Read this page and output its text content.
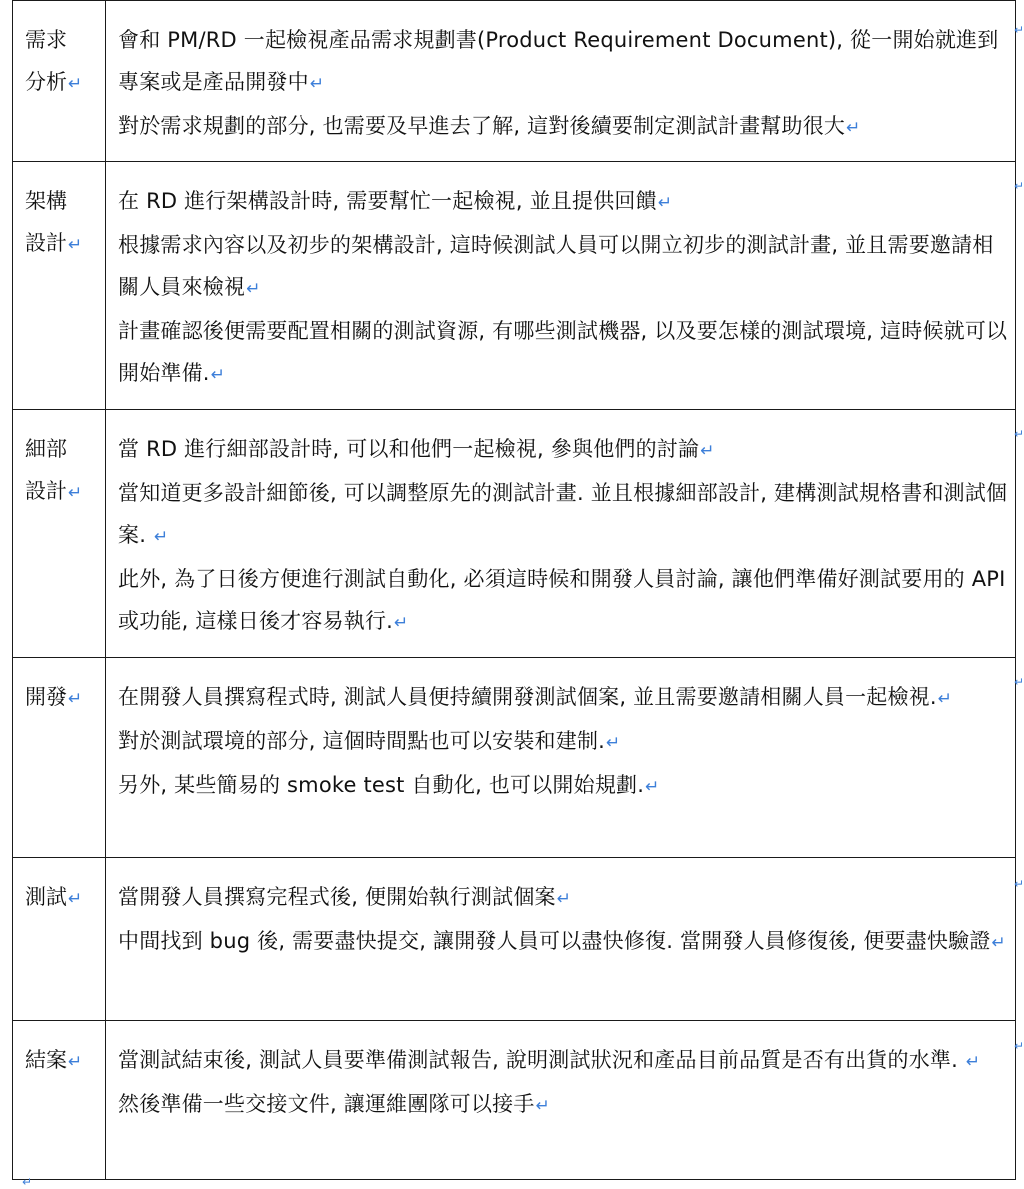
需求
分析↵	會和 PM/RD 一起檢視產品需求規劃書(Product Requirement Document), 從一開始就進到專案或是產品開發中↵
對於需求規劃的部分, 也需要及早進去了解, 這對後續要制定測試計畫幫助很大↵

架構
設計↵	在 RD 進行架構設計時, 需要幫忙一起檢視, 並且提供回饋↵
根據需求內容以及初步的架構設計, 這時候測試人員可以開立初步的測試計畫, 並且需要邀請相關人員來檢視↵
計畫確認後便需要配置相關的測試資源, 有哪些測試機器, 以及要怎樣的測試環境, 這時候就可以開始準備.↵

細部
設計↵	當 RD 進行細部設計時, 可以和他們一起檢視, 參與他們的討論↵
當知道更多設計細節後, 可以調整原先的測試計畫. 並且根據細部設計, 建構測試規格書和測試個案. ↵
此外, 為了日後方便進行測試自動化, 必須這時候和開發人員討論, 讓他們準備好測試要用的 API 或功能, 這樣日後才容易執行.↵

開發↵	在開發人員撰寫程式時, 測試人員便持續開發測試個案, 並且需要邀請相關人員一起檢視.↵
對於測試環境的部分, 這個時間點也可以安裝和建制.↵
另外, 某些簡易的 smoke test 自動化, 也可以開始規劃.↵

測試↵	當開發人員撰寫完程式後, 便開始執行測試個案↵
中間找到 bug 後, 需要盡快提交, 讓開發人員可以盡快修復. 當開發人員修復後, 便要盡快驗證↵

結案↵	當測試結束後, 測試人員要準備測試報告, 說明測試狀況和產品目前品質是否有出貨的水準. ↵
然後準備一些交接文件, 讓運維團隊可以接手↵
↵
↵
↵
↵
↵
↵
↵
